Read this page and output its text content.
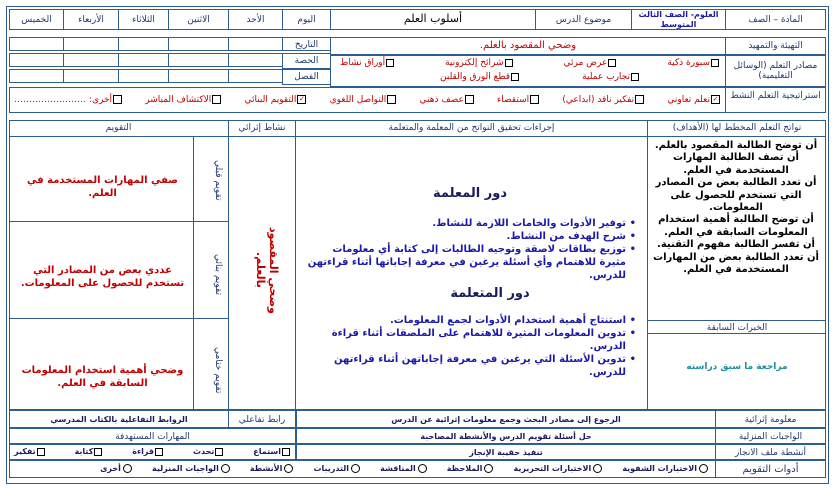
المادة – الصف
العلوم- الصف الثالث المتوسط
موضوع الدرس
أسلوب العلم
اليوم
الأحد
الاثنين
الثلاثاء
الأربعاء
الخميس
التهيئة والتمهيد
وضحي المقصود بالعلم.
التاريخ
مصادر التعلم (الوسائل التعليمية)
سبورة ذكية
عرض مرئي
شرائح إلكترونية
أوراق نشاط
تجارب عملية
قطع الورق والقلبن
الحصة
الفصل
استراتيجية التعلم النشط
✓تعلم تعاوني
تفكير ناقد (ابداعي)
استقصاء
عصف ذهني
التواصل اللغوي
✓التقويم البنائي
الاكتشاف المباشر
أخرى: ……………………
نواتج التعلم المخطط لها (الأهداف)
إجراءات تحقيق النواتج من المعلمة والمتعلمة
نشاط إثرائي
التقويم
أن توضح الطالبة المقصود بالعلم.
أن تصف الطالبة المهارات المستخدمة في العلم.
أن تعدد الطالبة بعض من المصادر التي تستخدم للحصول على المعلومات.
أن توضح الطالبة أهمية استخدام المعلومات السابقة في العلم.
أن تفسر الطالبة مفهوم التقنية.
أن تعدد الطالبة بعض من المهارات المستخدمة في العلم.
الخبرات السابقة
مراجعة ما سبق دراسته
دور المعلمة
• توفير الأدوات والخامات اللازمة للنشاط.
• شرح الهدف من النشاط.
• توزيع بطاقات لاصقة وتوجيه الطالبات إلى كتابة أي معلومات مثيرة للاهتمام وأي أسئلة يرغبن في معرفة إجاباتها أثناء قراءتهن للدرس.
دور المتعلمة
• استنتاج أهمية استخدام الأدوات لجمع المعلومات.
• تدوين المعلومات المثيرة للاهتمام على الملصقات أثناء قراءة الدرس.
• تدوين الأسئلة التي يرغبن في معرفة إجاباتهن أثناء قراءتهن للدرس.
وضحي المقصود بالعلم.
تقويم قبلي
تقويم بنائي
تقويم ختامي
صفي المهارات المستخدمة في العلم.
عددي بعض من المصادر التي تستخدم للحصول على المعلومات.
وضحي أهمية استخدام المعلومات السابقة في العلم.
معلومة إثرائية
الرجوع إلى مصادر البحث وجمع معلومات إثرائية عن الدرس
رابط تفاعلي
الروابط التفاعلية بالكتاب المدرسي
الواجبات المنزلية
حل أسئلة تقويم الدرس والأنشطة المصاحبة
المهارات المستهدفة
أنشطة ملف الانجاز
تنفيذ حقيبة الإنجاز
استماع
تحدث
قراءة
كتابة
تفكير
أدوات التقويم
الاختبارات الشفوية
الاختبارات التحريرية
الملاحظة
المناقشة
التدريبات
الأنشطة
الواجبات المنزلية
أخرى
